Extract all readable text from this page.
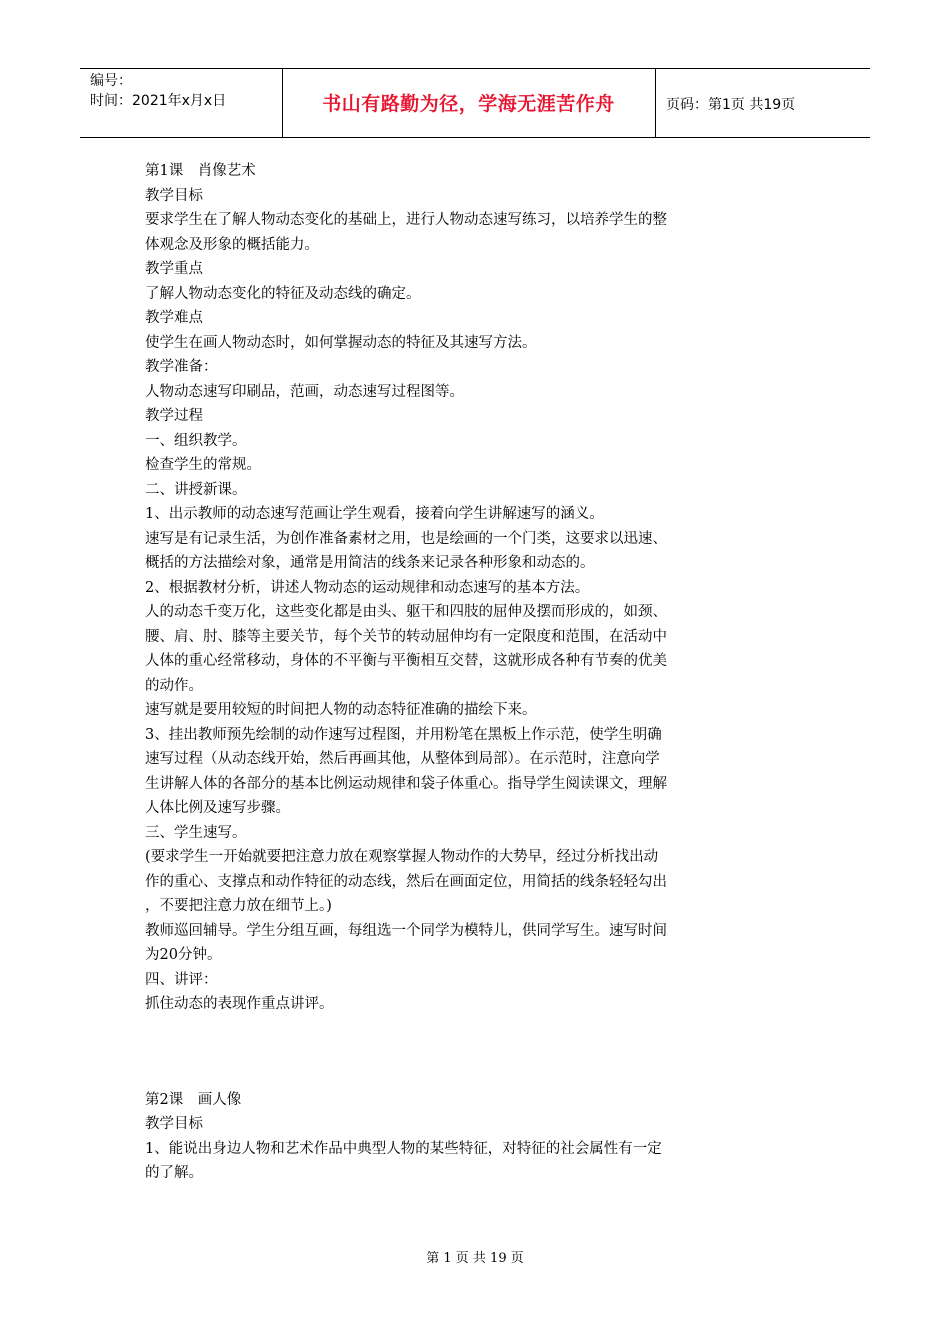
编号：
时间：2021年x月x日	书山有路勤为径，学海无涯苦作舟	页码：第1页 共19页

第1课　肖像艺术

教学目标

要求学生在了解人物动态变化的基础上，进行人物动态速写练习，以培养学生的整

体观念及形象的概括能力。

教学重点

了解人物动态变化的特征及动态线的确定。

教学难点

使学生在画人物动态时，如何掌握动态的特征及其速写方法。

教学准备：

人物动态速写印刷品，范画，动态速写过程图等。

教学过程

一、组织教学。

检查学生的常规。

二、讲授新课。

1、出示教师的动态速写范画让学生观看，接着向学生讲解速写的涵义。

速写是有记录生活，为创作准备素材之用，也是绘画的一个门类，这要求以迅速、

概括的方法描绘对象，通常是用简洁的线条来记录各种形象和动态的。

2、根据教材分析，讲述人物动态的运动规律和动态速写的基本方法。

人的动态千变万化，这些变化都是由头、躯干和四肢的屈伸及摆而形成的，如颈、

腰、肩、肘、膝等主要关节，每个关节的转动屈伸均有一定限度和范围，在活动中

人体的重心经常移动，身体的不平衡与平衡相互交替，这就形成各种有节奏的优美

的动作。

速写就是要用较短的时间把人物的动态特征准确的描绘下来。

3、挂出教师预先绘制的动作速写过程图，并用粉笔在黑板上作示范，使学生明确

速写过程（从动态线开始，然后再画其他，从整体到局部）。在示范时，注意向学

生讲解人体的各部分的基本比例运动规律和袋子体重心。指导学生阅读课文，理解

人体比例及速写步骤。

三、学生速写。

(要求学生一开始就要把注意力放在观察掌握人物动作的大势早，经过分析找出动

作的重心、支撑点和动作特征的动态线，然后在画面定位，用简括的线条轻轻勾出

，不要把注意力放在细节上。)

教师巡回辅导。学生分组互画，每组选一个同学为模特儿，供同学写生。速写时间

为20分钟。

四、讲评：

抓住动态的表现作重点讲评。

第2课　画人像

教学目标

1、能说出身边人物和艺术作品中典型人物的某些特征，对特征的社会属性有一定

的了解。

第 1 页 共 19 页
